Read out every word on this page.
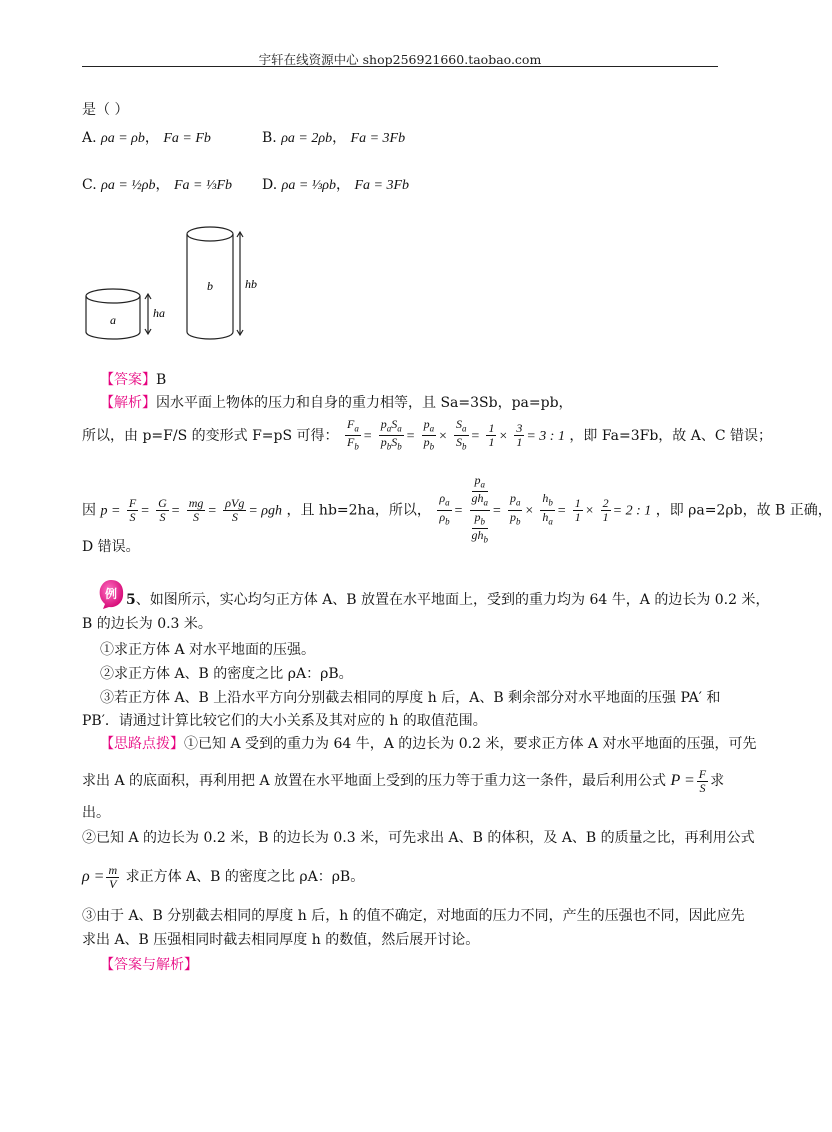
宇轩在线资源中心 shop256921660.taobao.com
是（ ）
A. ρa = ρb， Fa = Fb	B. ρa = 2ρb， Fa = 3Fb
C. ρa = ½ρb， Fa = ⅓Fb D. ρa = ⅓ρb， Fa = 3Fb
a
b
ha
hb
【答案】B
【解析】因水平面上物体的压力和自身的重力相等，且 Sa=3Sb，pa=pb，
所以，由 p=F/S 的变形式 F=pS 可得： $\frac{F_a}{F_b} = \frac{p_aS_a}{p_bS_b} = \frac{p_a}{p_b} \times \frac{S_a}{S_b} = \frac{1}{1} \times \frac{3}{1} = 3$ : 1 ，即 Fa=3Fb，故 A、C 错误；
因 $p = \frac{F}{S} = \frac{G}{S} = \frac{mg}{S} = \frac{\text{ρVg}}{S} = \rho gh$ ，且 hb=2ha，所以， $\frac{\rho_a}{\rho_b} = p_a$
$gh_a$
$p_b$
$gh_b = \frac{p_a}{p_b} \times \frac{h_b}{h_a} = \frac{1}{1} \times \frac{2}{1} = 2$ : 1 ，即 ρa=2ρb，故 B 正确，
D 错误。
例 5、如图所示，实心均匀正方体 A、B 放置在水平地面上，受到的重力均为 64 牛，A 的边长为 0.2 米，
B 的边长为 0.3 米。
①求正方体 A 对水平地面的压强。
②求正方体 A、B 的密度之比 ρA：ρB。
③若正方体 A、B 上沿水平方向分别截去相同的厚度 h 后，A、B 剩余部分对水平地面的压强 PA′ 和
PB′．请通过计算比较它们的大小关系及其对应的 h 的取值范围。
【思路点拨】①已知 A 受到的重力为 64 牛，A 的边长为 0.2 米，要求正方体 A 对水平地面的压强，可先
求出 A 的底面积，再利用把 A 放置在水平地面上受到的压力等于重力这一条件，最后利用公式 $P = \frac{F}{S}$ 求
出。
②已知 A 的边长为 0.2 米，B 的边长为 0.3 米，可先求出 A、B 的体积，及 A、B 的质量之比，再利用公式
$\rho = \frac{m}{V}$ 求正方体 A、B 的密度之比 ρA：ρB。
③由于 A、B 分别截去相同的厚度 h 后，h 的值不确定，对地面的压力不同，产生的压强也不同，因此应先
求出 A、B 压强相同时截去相同厚度 h 的数值，然后展开讨论。
【答案与解析】
